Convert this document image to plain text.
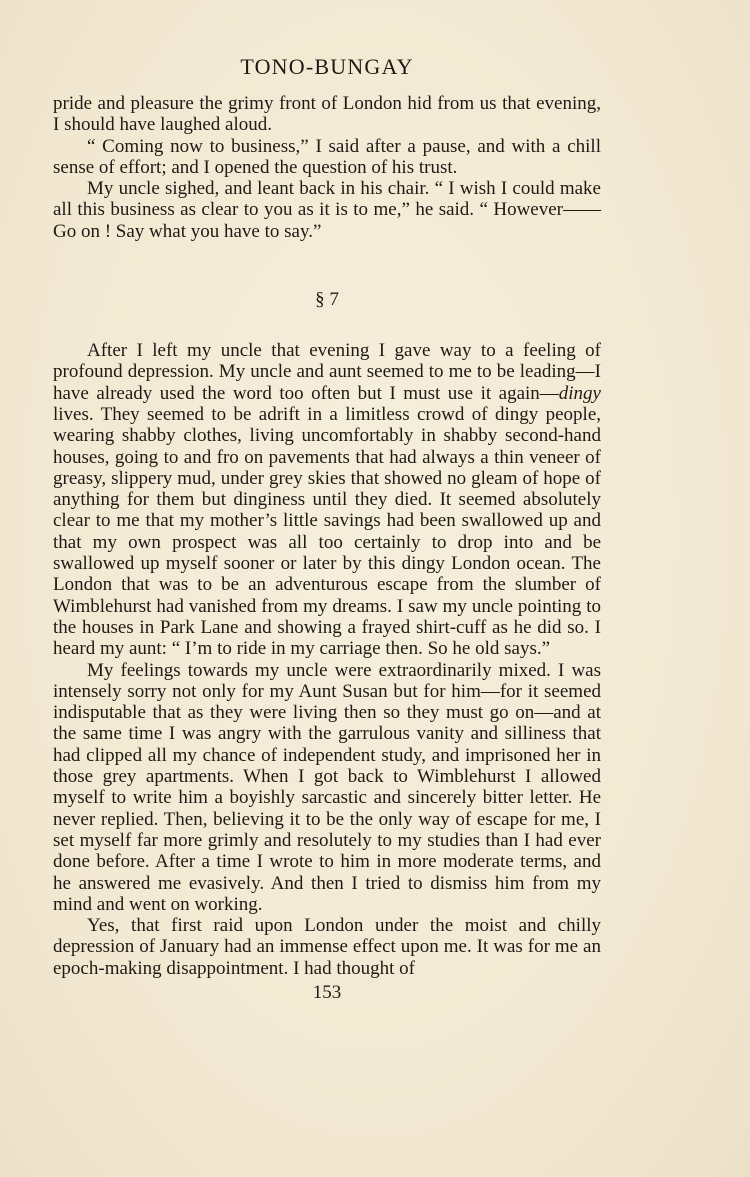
TONO-BUNGAY

pride and pleasure the grimy front of London hid from us that evening, I should have laughed aloud.

“ Coming now to business,” I said after a pause, and with a chill sense of effort; and I opened the question of his trust.

My uncle sighed, and leant back in his chair. “ I wish I could make all this business as clear to you as it is to me,” he said. “ However—— Go on ! Say what you have to say.”

§ 7

After I left my uncle that evening I gave way to a feeling of profound depression. My uncle and aunt seemed to me to be leading—I have already used the word too often but I must use it again—dingy lives. They seemed to be adrift in a limitless crowd of dingy people, wearing shabby clothes, living uncomfortably in shabby second-hand houses, going to and fro on pavements that had always a thin veneer of greasy, slippery mud, under grey skies that showed no gleam of hope of anything for them but dinginess until they died. It seemed absolutely clear to me that my mother’s little savings had been swallowed up and that my own prospect was all too certainly to drop into and be swallowed up myself sooner or later by this dingy London ocean. The London that was to be an adventurous escape from the slumber of Wimblehurst had vanished from my dreams. I saw my uncle pointing to the houses in Park Lane and showing a frayed shirt-cuff as he did so. I heard my aunt: “ I’m to ride in my carriage then. So he old says.”

My feelings towards my uncle were extraordinarily mixed. I was intensely sorry not only for my Aunt Susan but for him—for it seemed indisputable that as they were living then so they must go on—and at the same time I was angry with the garrulous vanity and silliness that had clipped all my chance of independent study, and imprisoned her in those grey apartments. When I got back to Wimblehurst I allowed myself to write him a boyishly sarcastic and sincerely bitter letter. He never replied. Then, believing it to be the only way of escape for me, I set myself far more grimly and resolutely to my studies than I had ever done before. After a time I wrote to him in more moderate terms, and he answered me evasively. And then I tried to dismiss him from my mind and went on working.

Yes, that first raid upon London under the moist and chilly depression of January had an immense effect upon me. It was for me an epoch-making disappointment. I had thought of

153
